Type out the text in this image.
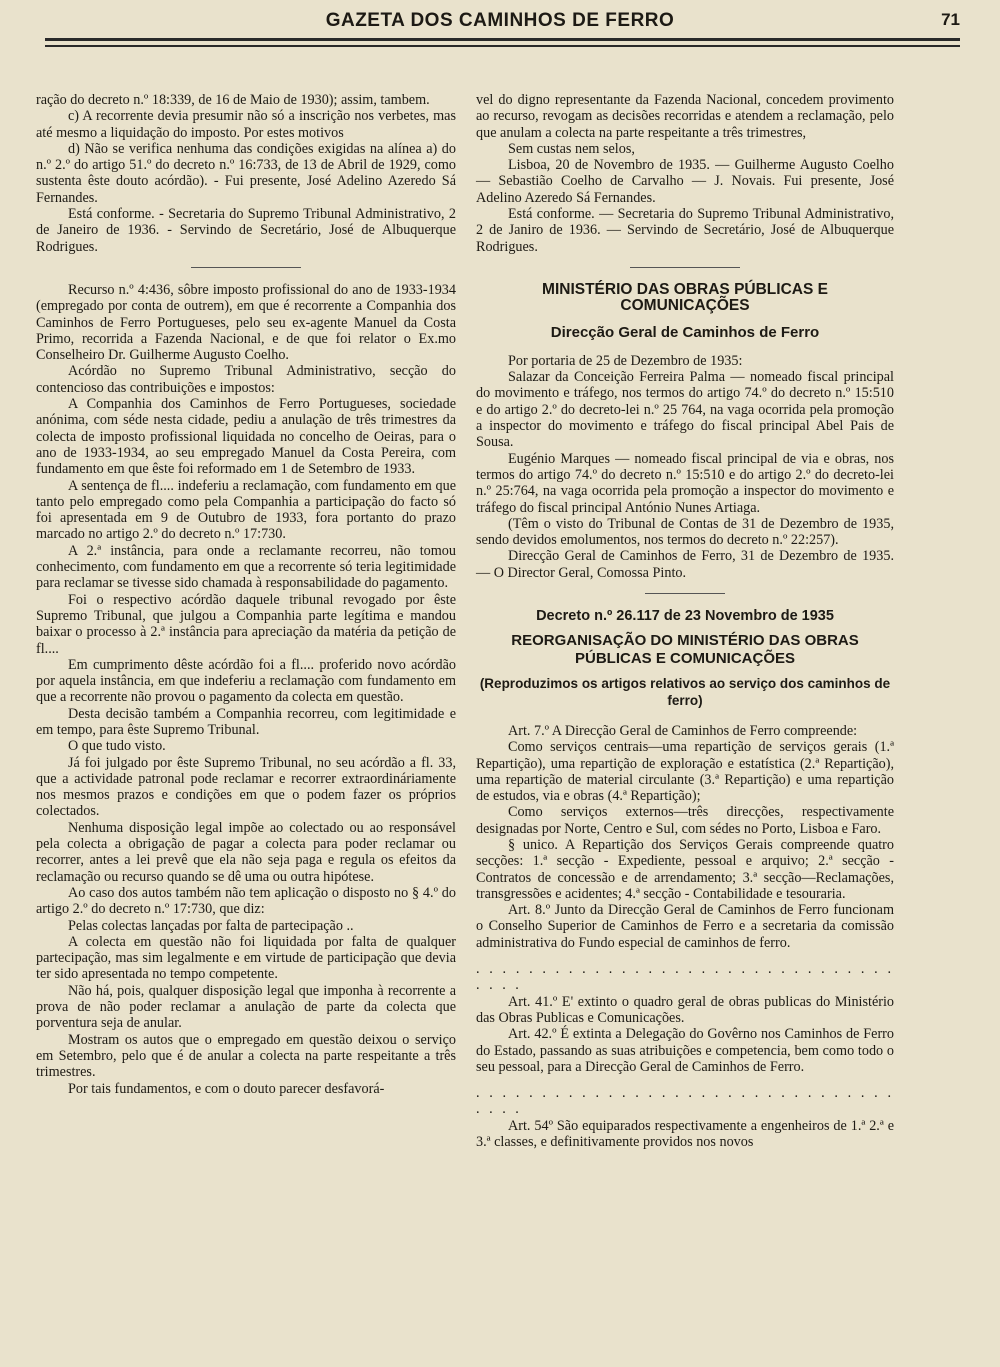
GAZETA DOS CAMINHOS DE FERRO	71

ração do decreto n.º 18:339, de 16 de Maio de 1930); assim, tambem.

c) A recorrente devia presumir não só a inscrição nos verbetes, mas até mesmo a liquidação do imposto. Por estes motivos

d) Não se verifica nenhuma das condições exigidas na alínea a) do n.º 2.º do artigo 51.º do decreto n.º 16:733, de 13 de Abril de 1929, como sustenta êste douto acórdão). - Fui presente, José Adelino Azeredo Sá Fernandes.

Está conforme. - Secretaria do Supremo Tribunal Administrativo, 2 de Janeiro de 1936. - Servindo de Secretário, José de Albuquerque Rodrigues.

Recurso n.º 4:436, sôbre imposto profissional do ano de 1933-1934 (empregado por conta de outrem), em que é recorrente a Companhia dos Caminhos de Ferro Portugueses, pelo seu ex-agente Manuel da Costa Primo, recorrida a Fazenda Nacional, e de que foi relator o Ex.mo Conselheiro Dr. Guilherme Augusto Coelho.

Acórdão no Supremo Tribunal Administrativo, secção do contencioso das contribuições e impostos:

A Companhia dos Caminhos de Ferro Portugueses, sociedade anónima, com séde nesta cidade, pediu a anulação de três trimestres da colecta de imposto profissional liquidada no concelho de Oeiras, para o ano de 1933-1934, ao seu empregado Manuel da Costa Pereira, com fundamento em que êste foi reformado em 1 de Setembro de 1933.

A sentença de fl.... indeferiu a reclamação, com fundamento em que tanto pelo empregado como pela Companhia a participação do facto só foi apresentada em 9 de Outubro de 1933, fora portanto do prazo marcado no artigo 2.º do decreto n.º 17:730.

A 2.ª instância, para onde a reclamante recorreu, não tomou conhecimento, com fundamento em que a recorrente só teria legitimidade para reclamar se tivesse sido chamada à responsabilidade do pagamento.

Foi o respectivo acórdão daquele tribunal revogado por êste Supremo Tribunal, que julgou a Companhia parte legítima e mandou baixar o processo à 2.ª instância para apreciação da matéria da petição de fl....

Em cumprimento dêste acórdão foi a fl.... proferido novo acórdão por aquela instância, em que indeferiu a reclamação com fundamento em que a recorrente não provou o pagamento da colecta em questão.

Desta decisão também a Companhia recorreu, com legitimidade e em tempo, para êste Supremo Tribunal.

O que tudo visto.

Já foi julgado por êste Supremo Tribunal, no seu acórdão a fl. 33, que a actividade patronal pode reclamar e recorrer extraordináriamente nos mesmos prazos e condições em que o podem fazer os próprios colectados.

Nenhuma disposição legal impõe ao colectado ou ao responsável pela colecta a obrigação de pagar a colecta para poder reclamar ou recorrer, antes a lei prevê que ela não seja paga e regula os efeitos da reclamação ou recurso quando se dê uma ou outra hipótese.

Ao caso dos autos também não tem aplicação o disposto no § 4.º do artigo 2.º do decreto n.º 17:730, que diz:

Pelas colectas lançadas por falta de partecipação ..

A colecta em questão não foi liquidada por falta de qualquer partecipação, mas sim legalmente e em virtude de participação que devia ter sido apresentada no tempo competente.

Não há, pois, qualquer disposição legal que imponha à recorrente a prova de não poder reclamar a anulação de parte da colecta que porventura seja de anular.

Mostram os autos que o empregado em questão deixou o serviço em Setembro, pelo que é de anular a colecta na parte respeitante a três trimestres.

Por tais fundamentos, e com o douto parecer desfavorá-

vel do digno representante da Fazenda Nacional, concedem provimento ao recurso, revogam as decisões recorridas e atendem a reclamação, pelo que anulam a colecta na parte respeitante a três trimestres,

Sem custas nem selos,

Lisboa, 20 de Novembro de 1935. — Guilherme Augusto Coelho — Sebastião Coelho de Carvalho — J. Novais. Fui presente, José Adelino Azeredo Sá Fernandes.

Está conforme. — Secretaria do Supremo Tribunal Administrativo, 2 de Janiro de 1936. — Servindo de Secretário, José de Albuquerque Rodrigues.

MINISTÉRIO DAS OBRAS PÚBLICAS E COMUNICAÇÕES

Direcção Geral de Caminhos de Ferro

Por portaria de 25 de Dezembro de 1935:

Salazar da Conceição Ferreira Palma — nomeado fiscal principal do movimento e tráfego, nos termos do artigo 74.º do decreto n.º 15:510 e do artigo 2.º do decreto-lei n.º 25 764, na vaga ocorrida pela promoção a inspector do movimento e tráfego do fiscal principal Abel Pais de Sousa.

Eugénio Marques — nomeado fiscal principal de via e obras, nos termos do artigo 74.º do decreto n.º 15:510 e do artigo 2.º do decreto-lei n.º 25:764, na vaga ocorrida pela promoção a inspector do movimento e tráfego do fiscal principal António Nunes Artiaga.

(Têm o visto do Tribunal de Contas de 31 de Dezembro de 1935, sendo devidos emolumentos, nos termos do decreto n.º 22:257).

Direcção Geral de Caminhos de Ferro, 31 de Dezembro de 1935. — O Director Geral, Comossa Pinto.

Decreto n.º 26.117 de 23 Novembro de 1935

REORGANISAÇÃO DO MINISTÉRIO DAS OBRAS
PÚBLICAS E COMUNICAÇÕES

(Reproduzimos os artigos relativos ao serviço dos caminhos de ferro)

Art. 7.º A Direcção Geral de Caminhos de Ferro compreende:

Como serviços centrais—uma repartição de serviços gerais (1.ª Repartição), uma repartição de exploração e estatística (2.ª Repartição), uma repartição de material circulante (3.ª Repartição) e uma repartição de estudos, via e obras (4.ª Repartição);

Como serviços externos—três direcções, respectivamente designadas por Norte, Centro e Sul, com sédes no Porto, Lisboa e Faro.

§ unico. A Repartição dos Serviços Gerais compreende quatro secções: 1.ª secção - Expediente, pessoal e arquivo; 2.ª secção - Contratos de concessão e de arrendamento; 3.ª secção—Reclamações, transgressões e acidentes; 4.ª secção - Contabilidade e tesouraria.

Art. 8.º Junto da Direcção Geral de Caminhos de Ferro funcionam o Conselho Superior de Caminhos de Ferro e a secretaria da comissão administrativa do Fundo especial de caminhos de ferro.

. . . . . . . . . . . . . . . . . . . . . . . . . . . . . . . . . . . .

Art. 41.º E' extinto o quadro geral de obras publicas do Ministério das Obras Publicas e Comunicações.

Art. 42.º É extinta a Delegação do Govêrno nos Caminhos de Ferro do Estado, passando as suas atribuições e competencia, bem como todo o seu pessoal, para a Direcção Geral de Caminhos de Ferro.

. . . . . . . . . . . . . . . . . . . . . . . . . . . . . . . . . . . .

Art. 54º São equiparados respectivamente a engenheiros de 1.ª 2.ª e 3.ª classes, e definitivamente providos nos novos
